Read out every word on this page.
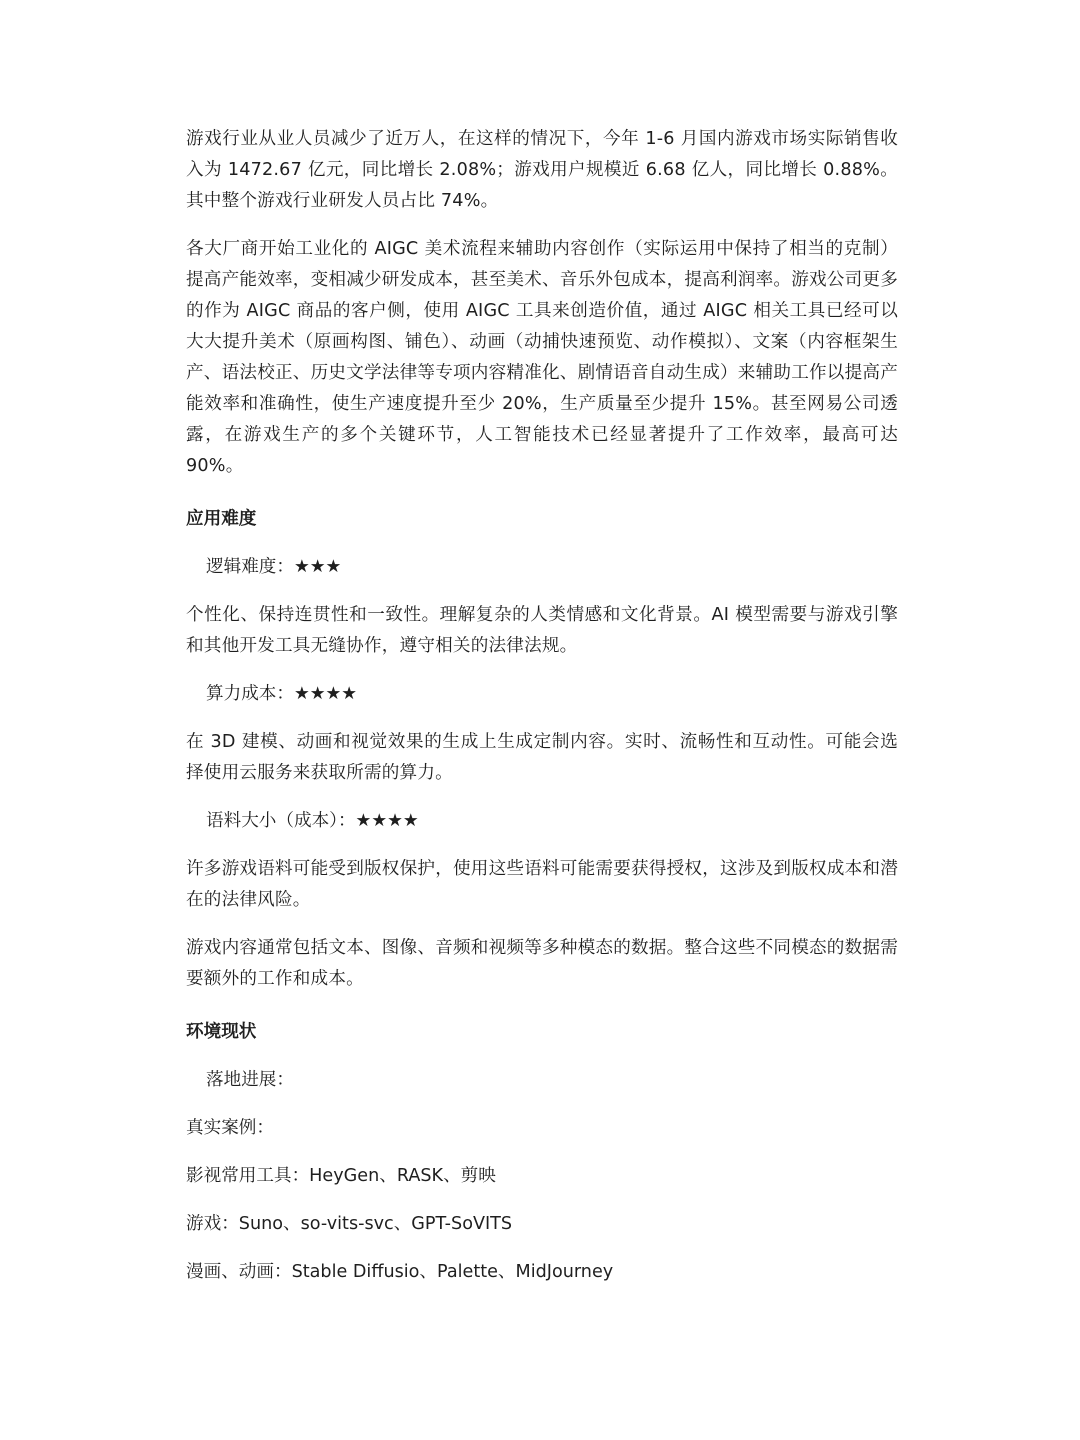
游戏行业从业人员减少了近万人，在这样的情况下，今年 1-6 月国内游戏市场实际销售收入为 1472.67 亿元，同比增长 2.08%；游戏用户规模近 6.68 亿人，同比增长 0.88%。其中整个游戏行业研发人员占比 74%。

各大厂商开始工业化的 AIGC 美术流程来辅助内容创作（实际运用中保持了相当的克制）提高产能效率，变相减少研发成本，甚至美术、音乐外包成本，提高利润率。游戏公司更多的作为 AIGC 商品的客户侧，使用 AIGC 工具来创造价值，通过 AIGC 相关工具已经可以大大提升美术（原画构图、铺色）、动画（动捕快速预览、动作模拟）、文案（内容框架生产、语法校正、历史文学法律等专项内容精准化、剧情语音自动生成）来辅助工作以提高产能效率和准确性，使生产速度提升至少 20%，生产质量至少提升 15%。甚至网易公司透露，在游戏生产的多个关键环节，人工智能技术已经显著提升了工作效率，最高可达 90%。

应用难度
逻辑难度：★★★

个性化、保持连贯性和一致性。理解复杂的人类情感和文化背景。AI 模型需要与游戏引擎和其他开发工具无缝协作，遵守相关的法律法规。

算力成本：★★★★

在 3D 建模、动画和视觉效果的生成上生成定制内容。实时、流畅性和互动性。可能会选择使用云服务来获取所需的算力。

语料大小（成本）：★★★★

许多游戏语料可能受到版权保护，使用这些语料可能需要获得授权，这涉及到版权成本和潜在的法律风险。

游戏内容通常包括文本、图像、音频和视频等多种模态的数据。整合这些不同模态的数据需要额外的工作和成本。

环境现状
落地进展：
真实案例：
影视常用工具：HeyGen、RASK、剪映
游戏：Suno、so-vits-svc、GPT-SoVITS
漫画、动画：Stable Diffusio、Palette、MidJourney
